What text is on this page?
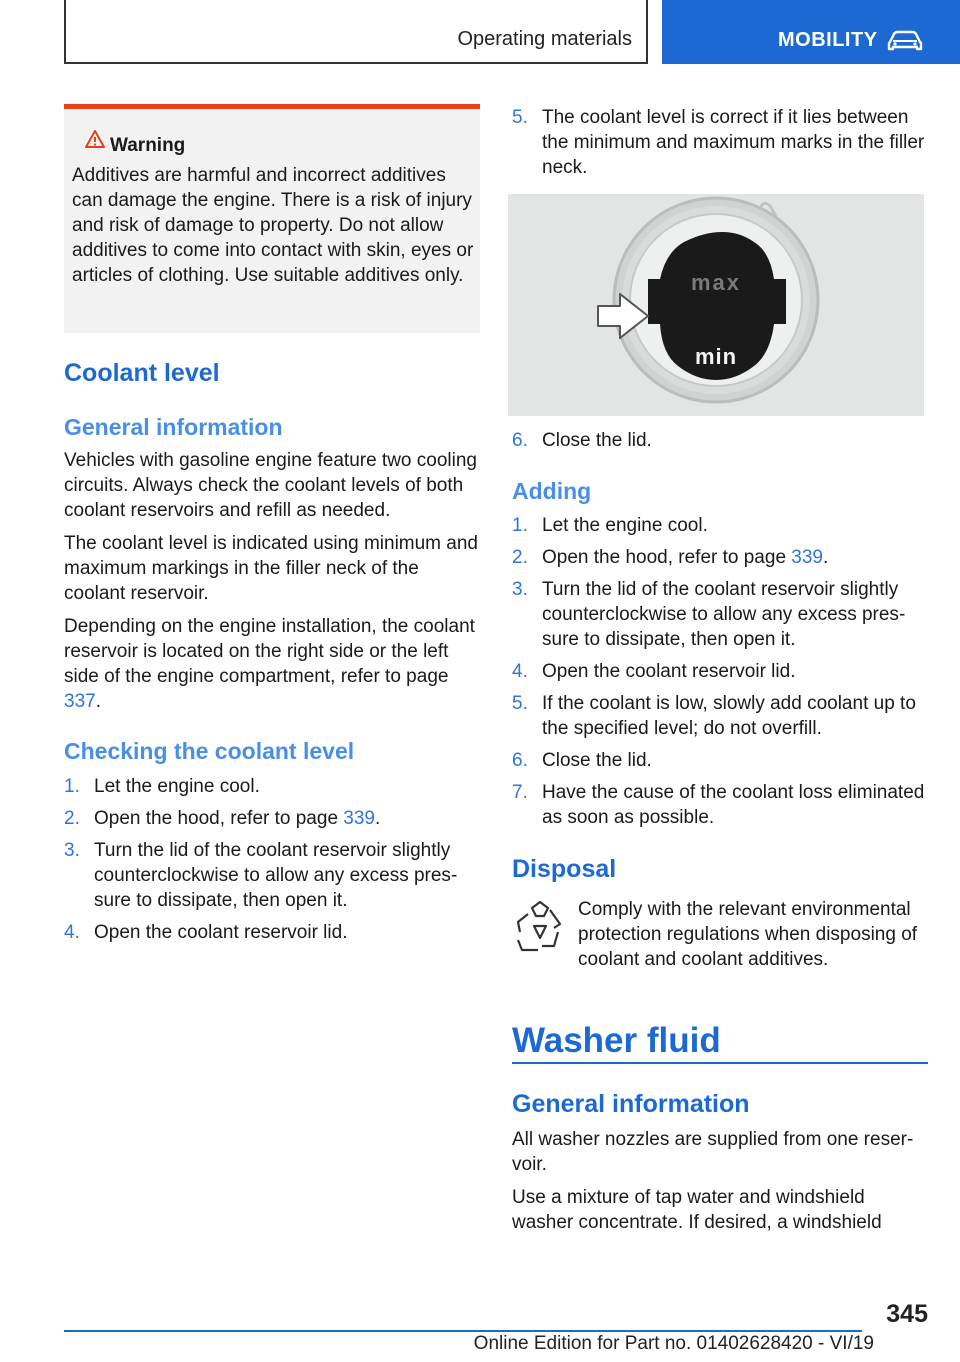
Operating materials	MOBILITY
Warning
Additives are harmful and incorrect additives can damage the engine. There is a risk of injury and risk of damage to property. Do not allow additives to come into contact with skin, eyes or articles of clothing. Use suitable additives only.
Coolant level
General information

Vehicles with gasoline engine feature two cooling circuits. Always check the coolant levels of both coolant reservoirs and refill as needed.

The coolant level is indicated using minimum and maximum markings in the filler neck of the coolant reservoir.

Depending on the engine installation, the coolant reservoir is located on the right side or the left side of the engine compartment, refer to page 337.

Checking the coolant level
1. Let the engine cool.
2. Open the hood, refer to page 339.
3. Turn the lid of the coolant reservoir slightly counterclockwise to allow any excess pressure to dissipate, then open it.
4. Open the coolant reservoir lid.
5. The coolant level is correct if it lies between the minimum and maximum marks in the filler neck.
max
min
6. Close the lid.
Adding
1. Let the engine cool.
2. Open the hood, refer to page 339.
3. Turn the lid of the coolant reservoir slightly counterclockwise to allow any excess pressure to dissipate, then open it.
4. Open the coolant reservoir lid.
5. If the coolant is low, slowly add coolant up to the specified level; do not overfill.
6. Close the lid.
7. Have the cause of the coolant loss eliminated as soon as possible.
Disposal
Comply with the relevant environmental protection regulations when disposing of coolant and coolant additives.
Washer fluid
General information

All washer nozzles are supplied from one reservoir.

Use a mixture of tap water and windshield washer concentrate. If desired, a windshield

345
Online Edition for Part no. 01402628420 - VI/19
